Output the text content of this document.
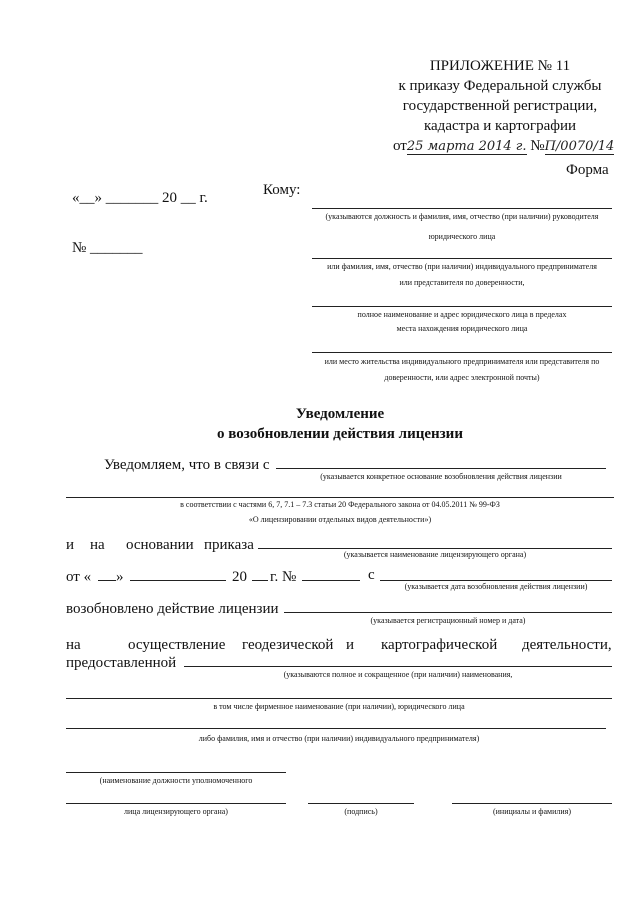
ПРИЛОЖЕНИЕ № 11
к приказу Федеральной службы
государственной регистрации,
кадастра и картографии
от25 марта 2014 г. №П/0070/14
Форма
«__» _______ 20 __ г.
№ _______
Кому:
(указываются должность и фамилия, имя, отчество (при наличии) руководителя
юридического лица
или фамилия, имя, отчество (при наличии) индивидуального предпринимателя
или представителя по доверенности,
полное наименование и адрес юридического лица в пределах
места нахождения юридического лица
или место жительства индивидуального предпринимателя или представителя по
доверенности, или адрес электронной почты)
Уведомление
о возобновлении действия лицензии
Уведомляем, что в связи с
(указывается конкретное основание возобновления действия лицензии
в соответствии с частями 6, 7, 7.1 – 7.3 статьи 20 Федерального закона от 04.05.2011 № 99-ФЗ
«О лицензировании отдельных видов деятельности»)
и на основании приказа
(указывается наименование лицензирующего органа)
от « »	20 г. №	с
(указывается дата возобновления действия лицензии)
возобновлено действие лицензии
(указывается регистрационный номер и дата)
на	осуществление геодезической и картографической деятельности,
предоставленной
(указываются полное и сокращенное (при наличии) наименования,
в том числе фирменное наименование (при наличии), юридического лица
либо фамилия, имя и отчество (при наличии) индивидуального предпринимателя)
(наименование должности уполномоченного
лица лицензирующего органа)	(подпись)	(инициалы и фамилия)
